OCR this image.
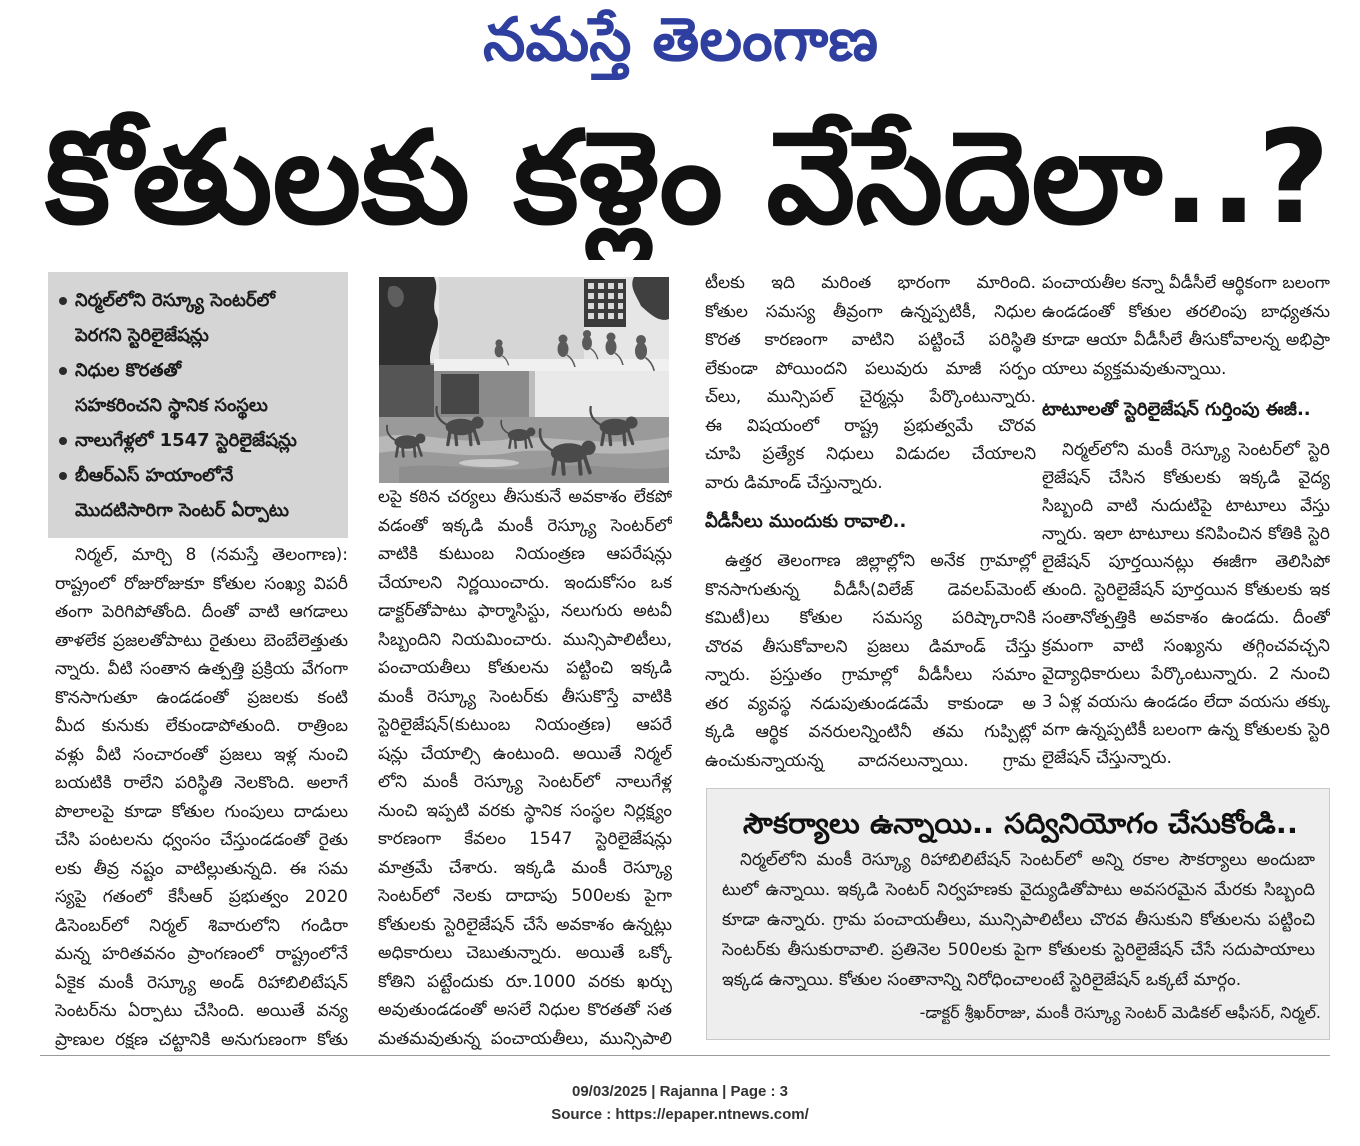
నమస్తే తెలంగాణ
కోతులకు కళ్లెం వేసేదెలా..?
నిర్మల్‌లోని రెస్క్యూ సెంటర్‌లో
పెరగని స్టెరిలైజేషన్లు
నిధుల కొరతతో
సహకరించని స్థానిక సంస్థలు
నాలుగేళ్లలో 1547 స్టెరిలైజేషన్లు
బీఆర్ఎస్ హయాంలోనే
మొదటిసారిగా సెంటర్ ఏర్పాటు
నిర్మల్, మార్చి 8 (నమస్తే తెలంగాణ):
రాష్ట్రంలో రోజురోజుకూ కోతుల సంఖ్య విపరీ
తంగా పెరిగిపోతోంది. దీంతో వాటి ఆగడాలు
తాళలేక ప్రజలతోపాటు రైతులు బెంబేలెత్తుతు
న్నారు. వీటి సంతాన ఉత్పత్తి ప్రక్రియ వేగంగా
కొనసాగుతూ ఉండడంతో ప్రజలకు కంటి
మీద కునుకు లేకుండాపోతుంది. రాత్రింబ
వళ్లు వీటి సంచారంతో ప్రజలు ఇళ్ల నుంచి
బయటికి రాలేని పరిస్థితి నెలకొంది. అలాగే
పొలాలపై కూడా కోతుల గుంపులు దాడులు
చేసి పంటలను ధ్వంసం చేస్తుండడంతో రైతు
లకు తీవ్ర నష్టం వాటిల్లుతున్నది. ఈ సమ
స్యపై గతంలో కేసీఆర్ ప్రభుత్వం 2020
డిసెంబర్‌లో నిర్మల్ శివారులోని గండిరా
మన్న హరితవనం ప్రాంగణంలో రాష్ట్రంలోనే
ఏకైక మంకీ రెస్క్యూ అండ్ రిహాబిలిటేషన్
సెంటర్‌ను ఏర్పాటు చేసింది. అయితే వన్య
ప్రాణుల రక్షణ చట్టానికి అనుగుణంగా కోతు
లపై కఠిన చర్యలు తీసుకునే అవకాశం లేకపో
వడంతో ఇక్కడి మంకీ రెస్క్యూ సెంటర్‌లో
వాటికి కుటుంబ నియంత్రణ ఆపరేషన్లు
చేయాలని నిర్ణయించారు. ఇందుకోసం ఒక
డాక్టర్‌తోపాటు ఫార్మాసిస్టు, నలుగురు అటవీ
సిబ్బందిని నియమించారు. మున్సిపాలిటీలు,
పంచాయతీలు కోతులను పట్టించి ఇక్కడి
మంకీ రెస్క్యూ సెంటర్‌కు తీసుకొస్తే వాటికి
స్టెరిలైజేషన్(కుటుంబ నియంత్రణ) ఆపరే
షన్లు చేయాల్సి ఉంటుంది. అయితే నిర్మల్
లోని మంకీ రెస్క్యూ సెంటర్‌లో నాలుగేళ్ల
నుంచి ఇప్పటి వరకు స్థానిక సంస్థల నిర్లక్ష్యం
కారణంగా కేవలం 1547 స్టెరిలైజేషన్లు
మాత్రమే చేశారు. ఇక్కడి మంకీ రెస్క్యూ
సెంటర్‌లో నెలకు దాదాపు 500లకు పైగా
కోతులకు స్టెరిలైజేషన్ చేసే అవకాశం ఉన్నట్లు
అధికారులు చెబుతున్నారు. అయితే ఒక్కో
కోతిని పట్టేందుకు రూ.1000 వరకు ఖర్చు
అవుతుండడంతో అసలే నిధుల కొరతతో సత
మతమవుతున్న పంచాయతీలు, మున్సిపాలి
టీలకు ఇది మరింత భారంగా మారింది.
కోతుల సమస్య తీవ్రంగా ఉన్నప్పటికీ, నిధుల
కొరత కారణంగా వాటిని పట్టించే పరిస్థితి
లేకుండా పోయిందని పలువురు మాజీ సర్పం
చ్‌లు, మున్సిపల్ చైర్మన్లు పేర్కొంటున్నారు.
ఈ విషయంలో రాష్ట్ర ప్రభుత్వమే చొరవ
చూపి ప్రత్యేక నిధులు విడుదల చేయాలని
వారు డిమాండ్ చేస్తున్నారు.
వీడీసీలు ముందుకు రావాలి..
ఉత్తర తెలంగాణ జిల్లాల్లోని అనేక గ్రామాల్లో
కొనసాగుతున్న వీడీసీ(విలేజ్ డెవలప్‌మెంట్
కమిటీ)లు కోతుల సమస్య పరిష్కారానికి
చొరవ తీసుకోవాలని ప్రజలు డిమాండ్ చేస్తు
న్నారు. ప్రస్తుతం గ్రామాల్లో వీడీసీలు సమాం
తర వ్యవస్థ నడుపుతుండడమే కాకుండా అ
క్కడి ఆర్థిక వనరులన్నింటినీ తమ గుప్పిట్లో
ఉంచుకున్నాయన్న వాదనలున్నాయి. గ్రామ
పంచాయతీల కన్నా వీడీసీలే ఆర్థికంగా బలంగా
ఉండడంతో కోతుల తరలింపు బాధ్యతను
కూడా ఆయా వీడీసీలే తీసుకోవాలన్న అభిప్రా
యాలు వ్యక్తమవుతున్నాయి.
టాటూలతో స్టెరిలైజేషన్ గుర్తింపు ఈజీ..
నిర్మల్‌లోని మంకీ రెస్క్యూ సెంటర్‌లో స్టెరి
లైజేషన్ చేసిన కోతులకు ఇక్కడి వైద్య
సిబ్బంది వాటి నుదుటిపై టాటూలు వేస్తు
న్నారు. ఇలా టాటూలు కనిపించిన కోతికి స్టెరి
లైజేషన్ పూర్తయినట్లు ఈజీగా తెలిసిపో
తుంది. స్టెరిలైజేషన్ పూర్తయిన కోతులకు ఇక
సంతానోత్పత్తికి అవకాశం ఉండదు. దీంతో
క్రమంగా వాటి సంఖ్యను తగ్గించవచ్చని
వైద్యాధికారులు పేర్కొంటున్నారు. 2 నుంచి
3 ఏళ్ల వయసు ఉండడం లేదా వయసు తక్కు
వగా ఉన్నప్పటికీ బలంగా ఉన్న కోతులకు స్టెరి
లైజేషన్ చేస్తున్నారు.
సౌకర్యాలు ఉన్నాయి.. సద్వినియోగం చేసుకోండి..
నిర్మల్‌లోని మంకీ రెస్క్యూ రిహాబిలిటేషన్ సెంటర్‌లో అన్ని రకాల సౌకర్యాలు అందుబా
టులో ఉన్నాయి. ఇక్కడి సెంటర్ నిర్వహణకు వైద్యుడితోపాటు అవసరమైన మేరకు సిబ్బంది
కూడా ఉన్నారు. గ్రామ పంచాయతీలు, మున్సిపాలిటీలు చొరవ తీసుకుని కోతులను పట్టించి
సెంటర్‌కు తీసుకురావాలి. ప్రతినెల 500లకు పైగా కోతులకు స్టెరిలైజేషన్ చేసే సదుపాయాలు
ఇక్కడ ఉన్నాయి. కోతుల సంతానాన్ని నిరోధించాలంటే స్టెరిలైజేషన్ ఒక్కటే మార్గం.
-డాక్టర్ శ్రీఖర్‌రాజు, మంకీ రెస్క్యూ సెంటర్ మెడికల్ ఆఫీసర్, నిర్మల్.
09/03/2025 | Rajanna | Page : 3
Source : https://epaper.ntnews.com/
